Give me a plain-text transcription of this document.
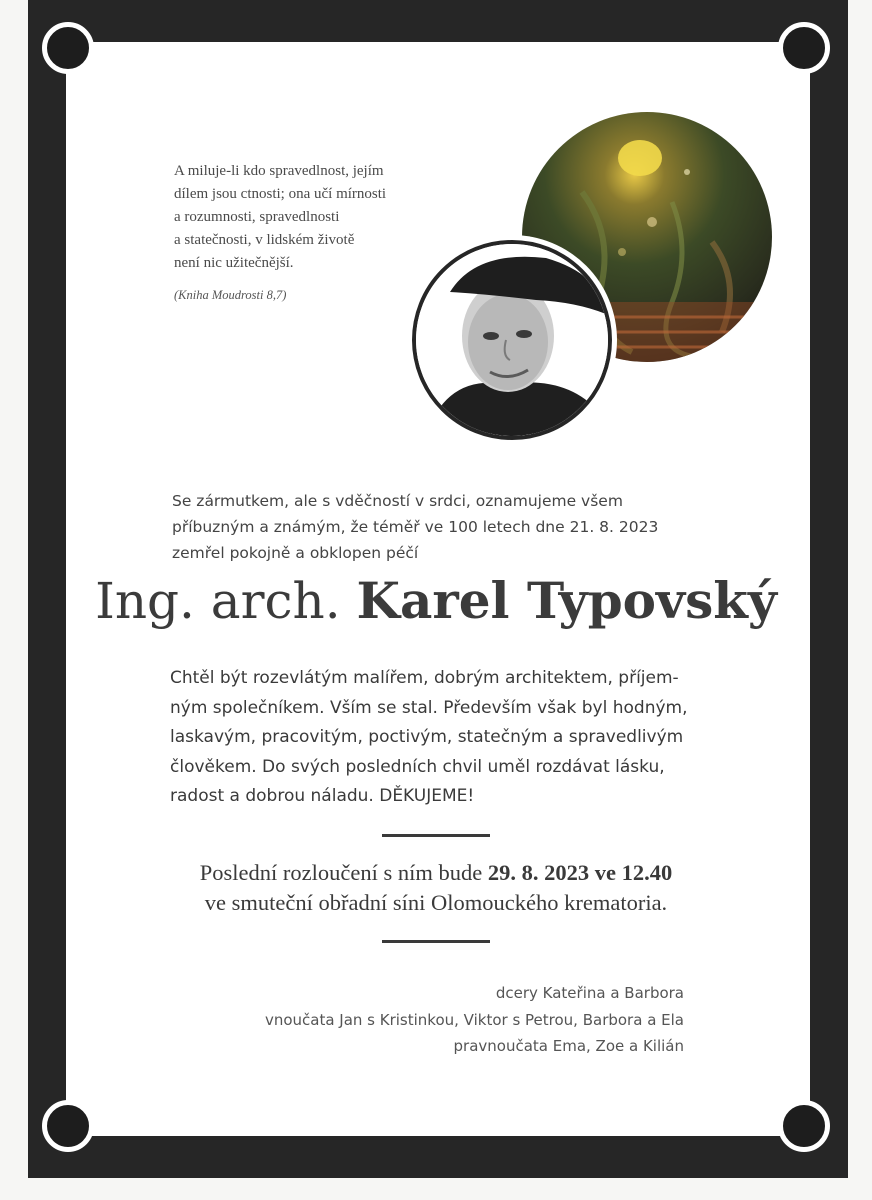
A miluje-li kdo spravedlnost, jejím
dílem jsou ctnosti; ona učí mírnosti
a rozumnosti, spravedlnosti
a statečnosti, v lidském životě
není nic užitečnější.
(Kniha Moudrosti 8,7)
Se zármutkem, ale s vděčností v srdci, oznamujeme všem
příbuzným a známým, že téměř ve 100 letech dne 21. 8. 2023
zemřel pokojně a obklopen péčí
Ing. arch. Karel Typovský
Chtěl být rozevlátým malířem, dobrým architektem, příjem-
ným společníkem. Vším se stal. Především však byl hodným,
laskavým, pracovitým, poctivým, statečným a spravedlivým
člověkem. Do svých posledních chvil uměl rozdávat lásku,
radost a dobrou náladu. DĚKUJEME!
Poslední rozloučení s ním bude 29. 8. 2023 ve 12.40
ve smuteční obřadní síni Olomouckého krematoria.
dcery Kateřina a Barbora
vnoučata Jan s Kristinkou, Viktor s Petrou, Barbora a Ela
pravnoučata Ema, Zoe a Kilián
